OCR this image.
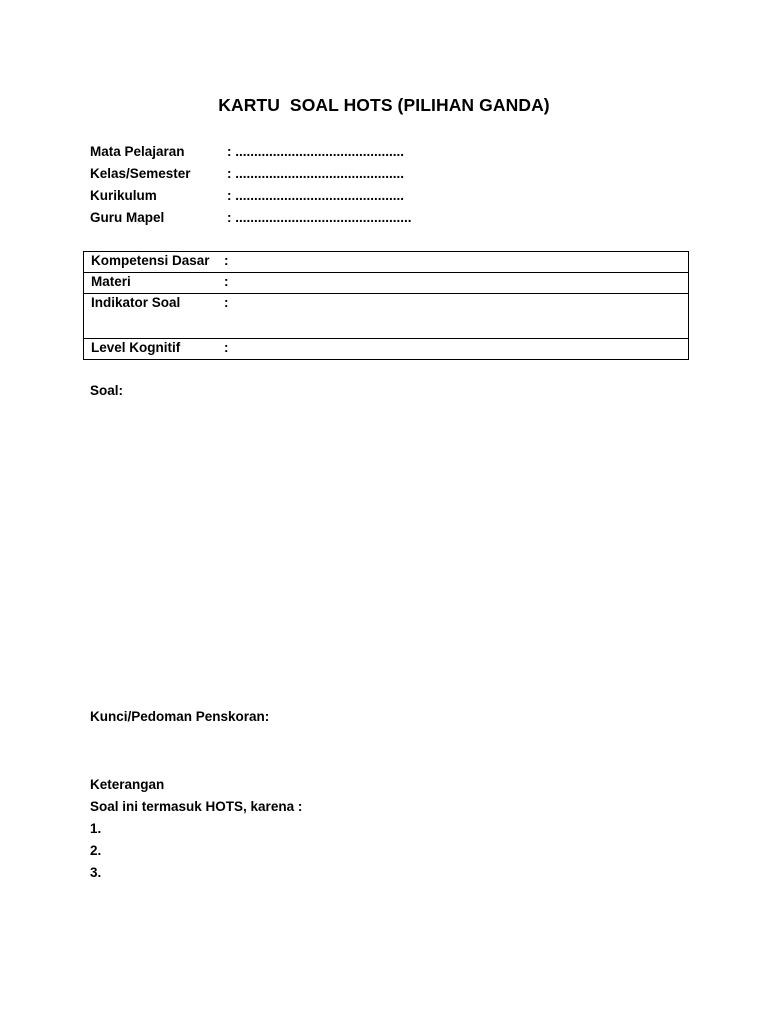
KARTU  SOAL HOTS (PILIHAN GANDA)
Mata Pelajaran	: .............................................
Kelas/Semester	: .............................................
Kurikulum	: .............................................
Guru Mapel	: ...............................................
Kompetensi Dasar	:
Materi	:
Indikator Soal	:
Level Kognitif	:
Soal:
Kunci/Pedoman Penskoran:
Keterangan
Soal ini termasuk HOTS, karena :
1.
2.
3.
